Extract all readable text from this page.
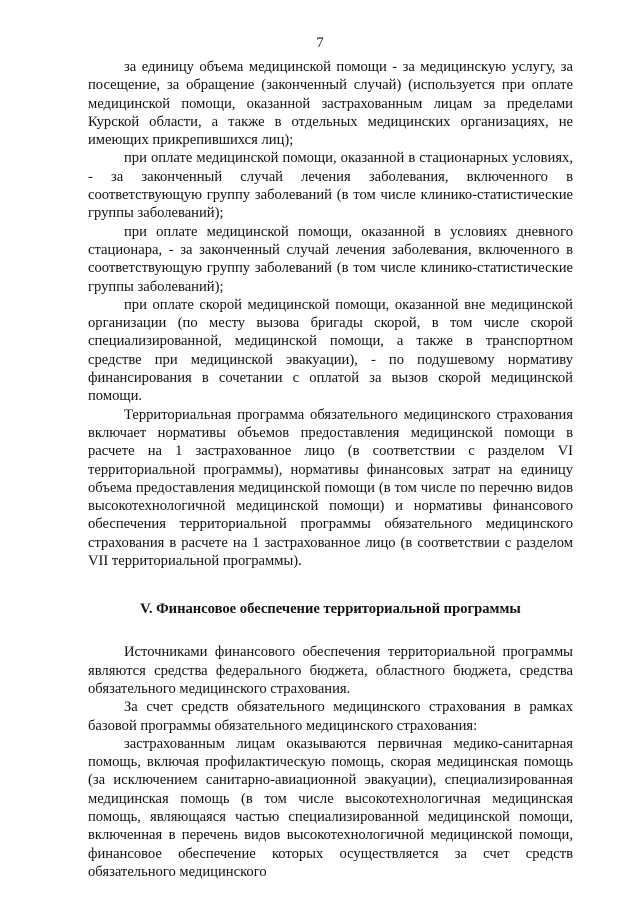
7

за единицу объема медицинской помощи - за медицинскую услугу, за посещение, за обращение (законченный случай) (используется при оплате медицинской помощи, оказанной застрахованным лицам за пределами Курской области, а также в отдельных медицинских организациях, не имеющих прикрепившихся лиц);

при оплате медицинской помощи, оказанной в стационарных условиях, - за законченный случай лечения заболевания, включенного в соответствующую группу заболеваний (в том числе клинико-статистические группы заболеваний);

при оплате медицинской помощи, оказанной в условиях дневного стационара, - за законченный случай лечения заболевания, включенного в соответствующую группу заболеваний (в том числе клинико-статистические группы заболеваний);

при оплате скорой медицинской помощи, оказанной вне медицинской организации (по месту вызова бригады скорой, в том числе скорой специализированной, медицинской помощи, а также в транспортном средстве при медицинской эвакуации), - по подушевому нормативу финансирования в сочетании с оплатой за вызов скорой медицинской помощи.

Территориальная программа обязательного медицинского страхования включает нормативы объемов предоставления медицинской помощи в расчете на 1 застрахованное лицо (в соответствии с разделом VI территориальной программы), нормативы финансовых затрат на единицу объема предоставления медицинской помощи (в том числе по перечню видов высокотехнологичной медицинской помощи) и нормативы финансового обеспечения территориальной программы обязательного медицинского страхования в расчете на 1 застрахованное лицо (в соответствии с разделом VII территориальной программы).

V. Финансовое обеспечение территориальной программы

Источниками финансового обеспечения территориальной программы являются средства федерального бюджета, областного бюджета, средства обязательного медицинского страхования.

За счет средств обязательного медицинского страхования в рамках базовой программы обязательного медицинского страхования:

застрахованным лицам оказываются первичная медико-санитарная помощь, включая профилактическую помощь, скорая медицинская помощь (за исключением санитарно-авиационной эвакуации), специализированная медицинская помощь (в том числе высокотехнологичная медицинская помощь, являющаяся частью специализированной медицинской помощи, включенная в перечень видов высокотехнологичной медицинской помощи, финансовое обеспечение которых осуществляется за счет средств обязательного медицинского
